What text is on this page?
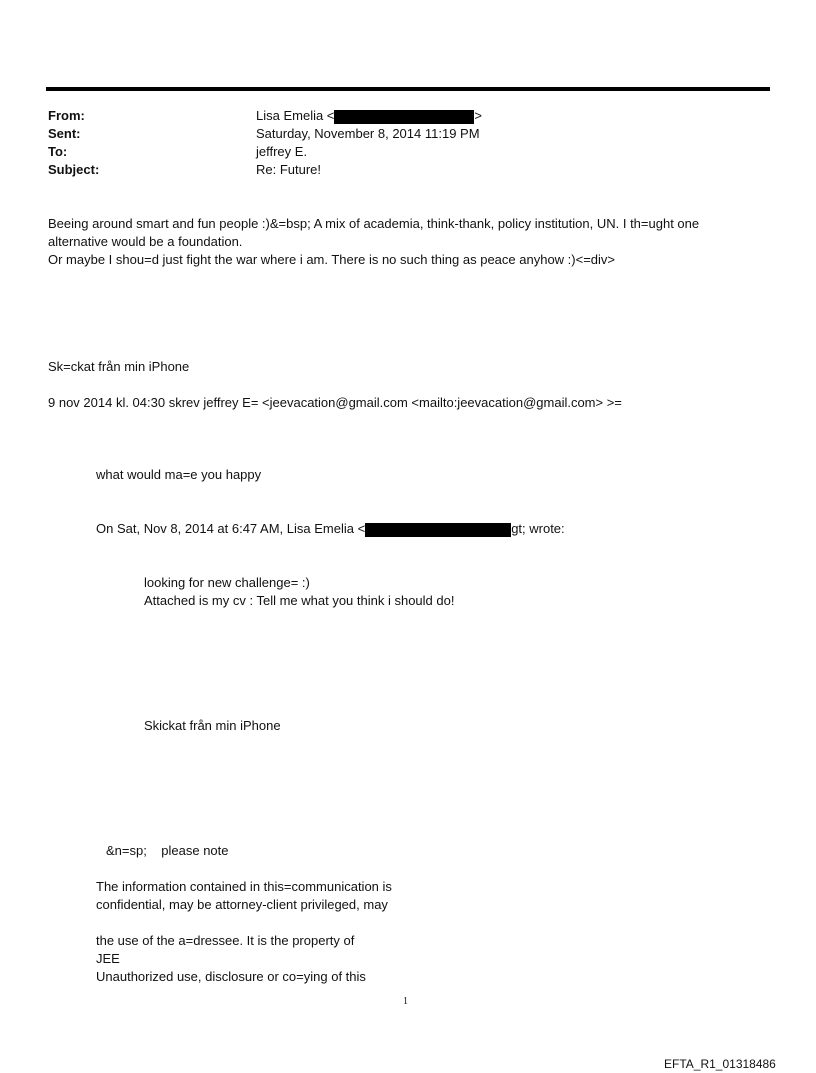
From:	Lisa Emelia <	>
Sent:	Saturday, November 8, 2014 11:19 PM
To:	jeffrey E.
Subject:	Re: Future!
Beeing around smart and fun people :)&=bsp; A mix of academia, think-thank, policy institution, UN. I th=ught one
alternative would be a foundation.
Or maybe I shou=d just fight the war where i am. There is no such thing as peace anyhow :)<=div>
Sk=ckat från min iPhone
9 nov 2014 kl. 04:30 skrev jeffrey E= <jeevacation@gmail.com <mailto:jeevacation@gmail.com> >=
what would ma=e you happy
On Sat, Nov 8, 2014 at 6:47 AM, Lisa Emelia <	gt; wrote:
looking for new challenge= :)
Attached is my cv : Tell me what you think i should do!
Skickat från min iPhone
&n=sp;    please note
The information contained in this=communication is
confidential, may be attorney-client privileged, may
the use of the a=dressee. It is the property of
JEE
Unauthorized use, disclosure or co=ying of this
1
EFTA_R1_01318486
